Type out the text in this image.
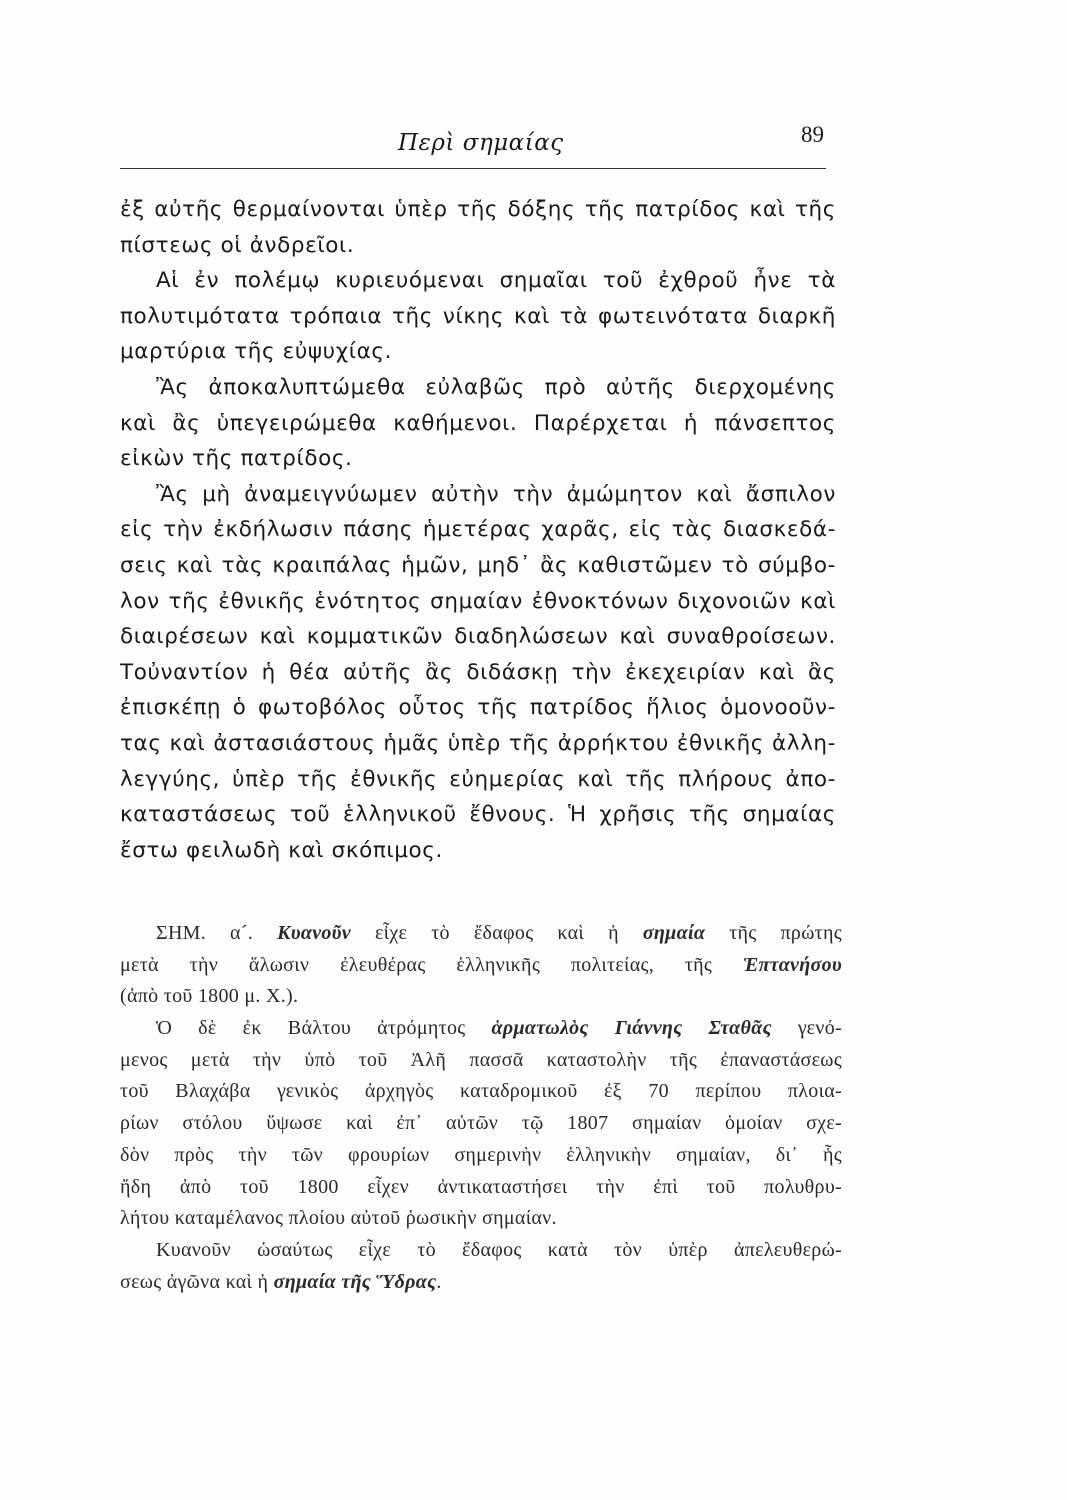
Περὶ σημαίας	89
ἐξ αὐτῆς θερμαίνονται ὑπὲρ τῆς δόξης τῆς πατρίδος καὶ τῆς
πίστεως οἱ ἀνδρεῖοι.
Αἱ ἐν πολέμῳ κυριευόμεναι σημαῖαι τοῦ ἐχθροῦ ἦνε τὰ
πολυτιμότατα τρόπαια τῆς νίκης καὶ τὰ φωτεινότατα διαρκῆ
μαρτύρια τῆς εὐψυχίας.
Ἂς ἀποκαλυπτώμεθα εὐλαβῶς πρὸ αὐτῆς διερχομένης
καὶ ἂς ὑπεγειρώμεθα καθήμενοι. Παρέρχεται ἡ πάνσεπτος
εἰκὼν τῆς πατρίδος.
Ἂς μὴ ἀναμειγνύωμεν αὐτὴν τὴν ἀμώμητον καὶ ἄσπιλον
εἰς τὴν ἐκδήλωσιν πάσης ἡμετέρας χαρᾶς, εἰς τὰς διασκεδά-
σεις καὶ τὰς κραιπάλας ἡμῶν, μηδ᾽ ἂς καθιστῶμεν τὸ σύμβο-
λον τῆς ἐθνικῆς ἑνότητος σημαίαν ἐθνοκτόνων διχονοιῶν καὶ
διαιρέσεων καὶ κομματικῶν διαδηλώσεων καὶ συναθροίσεων.
Τοὐναντίον ἡ θέα αὐτῆς ἂς διδάσκῃ τὴν ἐκεχειρίαν καὶ ἂς
ἐπισκέπῃ ὁ φωτοβόλος οὗτος τῆς πατρίδος ἥλιος ὁμονοοῦν-
τας καὶ ἀστασιάστους ἡμᾶς ὑπὲρ τῆς ἀρρήκτου ἐθνικῆς ἀλλη-
λεγγύης, ὑπὲρ τῆς ἐθνικῆς εὐημερίας καὶ τῆς πλήρους ἀπο-
καταστάσεως τοῦ ἑλληνικοῦ ἔθνους. Ἡ χρῆσις τῆς σημαίας
ἔστω φειλωδὴ καὶ σκόπιμος.
ΣΗΜ. α´. Κυανοῦν εἶχε τὸ ἔδαφος καὶ ἡ σημαία τῆς πρώτης
μετὰ τὴν ἅλωσιν ἐλευθέρας ἑλληνικῆς πολιτείας, τῆς Ἑπτανήσου
(ἀπὸ τοῦ 1800 μ. Χ.).
Ὁ δὲ ἐκ Βάλτου ἀτρόμητος ἁρματωλὸς Γιάννης Σταθᾶς γενό-
μενος μετὰ τὴν ὑπὸ τοῦ Ἀλῆ πασσᾶ καταστολὴν τῆς ἐπαναστάσεως
τοῦ Βλαχάβα γενικὸς ἀρχηγὸς καταδρομικοῦ ἐξ 70 περίπου πλοια-
ρίων στόλου ὕψωσε καὶ ἐπ᾽ αὐτῶν τῷ 1807 σημαίαν ὁμοίαν σχε-
δὸν πρὸς τὴν τῶν φρουρίων σημερινὴν ἑλληνικὴν σημαίαν, δι᾽ ἧς
ἤδη ἀπὸ τοῦ 1800 εἶχεν ἀντικαταστήσει τὴν ἐπὶ τοῦ πολυθρυ-
λήτου καταμέλανος πλοίου αὐτοῦ ῥωσικὴν σημαίαν.
Κυανοῦν ὡσαύτως εἶχε τὸ ἔδαφος κατὰ τὸν ὑπὲρ ἀπελευθερώ-
σεως ἀγῶνα καὶ ἡ σημαία τῆς Ὕδρας.
